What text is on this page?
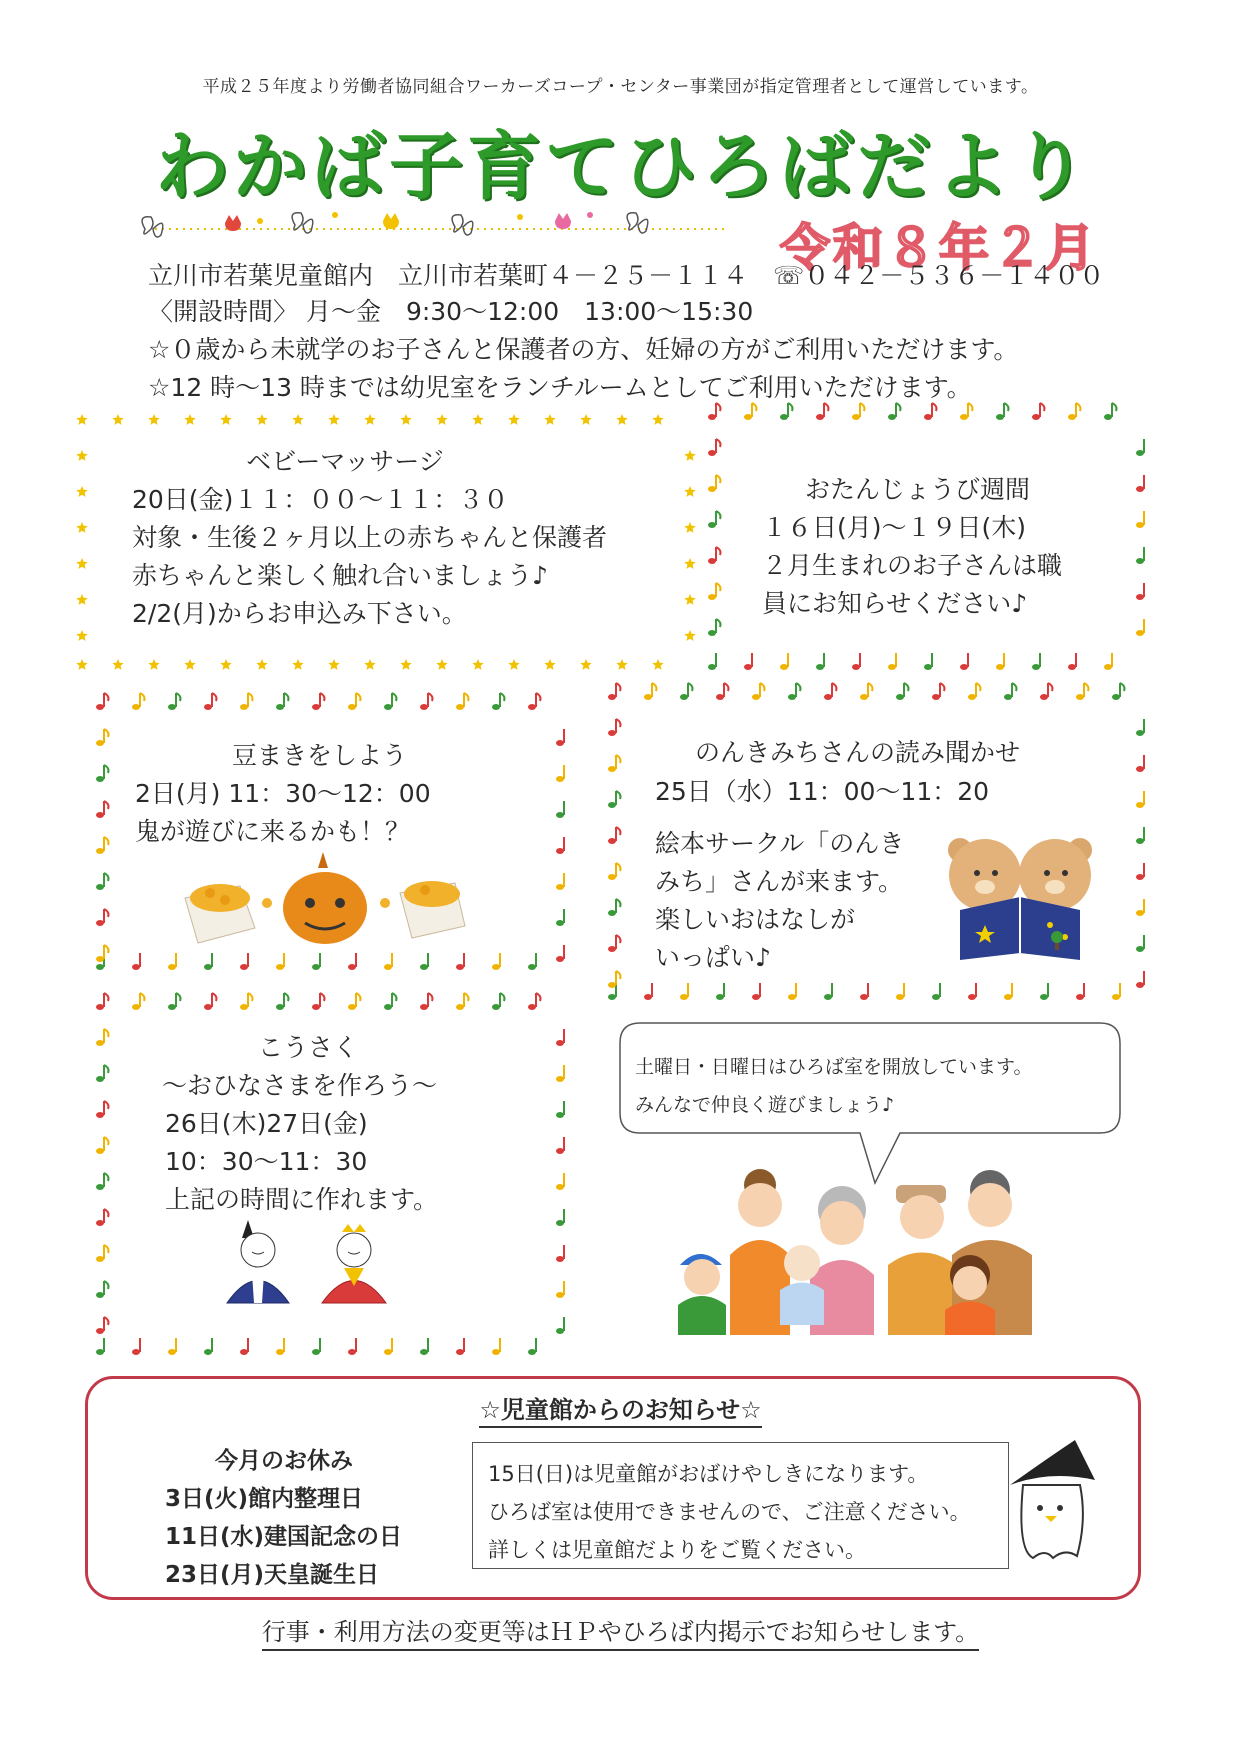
平成２５年度より労働者協同組合ワーカーズコープ・センター事業団が指定管理者として運営しています。
わかば子育てひろばだより
令和８年２月
立川市若葉児童館内　立川市若葉町４－２５－１１４　☏０４２－５３６－１４００
〈開設時間〉 月～金　9:30～12:00　13:00～15:30
☆０歳から未就学のお子さんと保護者の方、妊婦の方がご利用いただけます。
☆12 時～13 時までは幼児室をランチルームとしてご利用いただけます。
ベビーマッサージ
20日(金)１１：００～１１：３０
対象・生後２ヶ月以上の赤ちゃんと保護者
赤ちゃんと楽しく触れ合いましょう♪
2/2(月)からお申込み下さい。
おたんじょうび週間
１６日(月)～１９日(木)
２月生まれのお子さんは職
員にお知らせください♪
豆まきをしよう
2日(月) 11：30～12：00
鬼が遊びに来るかも！？
のんきみちさんの読み聞かせ
25日（水）11：00～11：20
絵本サークル「のんき
みち」さんが来ます。
楽しいおはなしが
いっぱい♪
こうさく
～おひなさまを作ろう～
26日(木)27日(金)
10：30～11：30
上記の時間に作れます。
土曜日・日曜日はひろば室を開放しています。
みんなで仲良く遊びましょう♪
☆児童館からのお知らせ☆
今月のお休み
3日(火)館内整理日
11日(水)建国記念の日
23日(月)天皇誕生日
15日(日)は児童館がおばけやしきになります。
ひろば室は使用できませんので、ご注意ください。
詳しくは児童館だよりをご覧ください。
行事・利用方法の変更等はＨＰやひろば内掲示でお知らせします。
